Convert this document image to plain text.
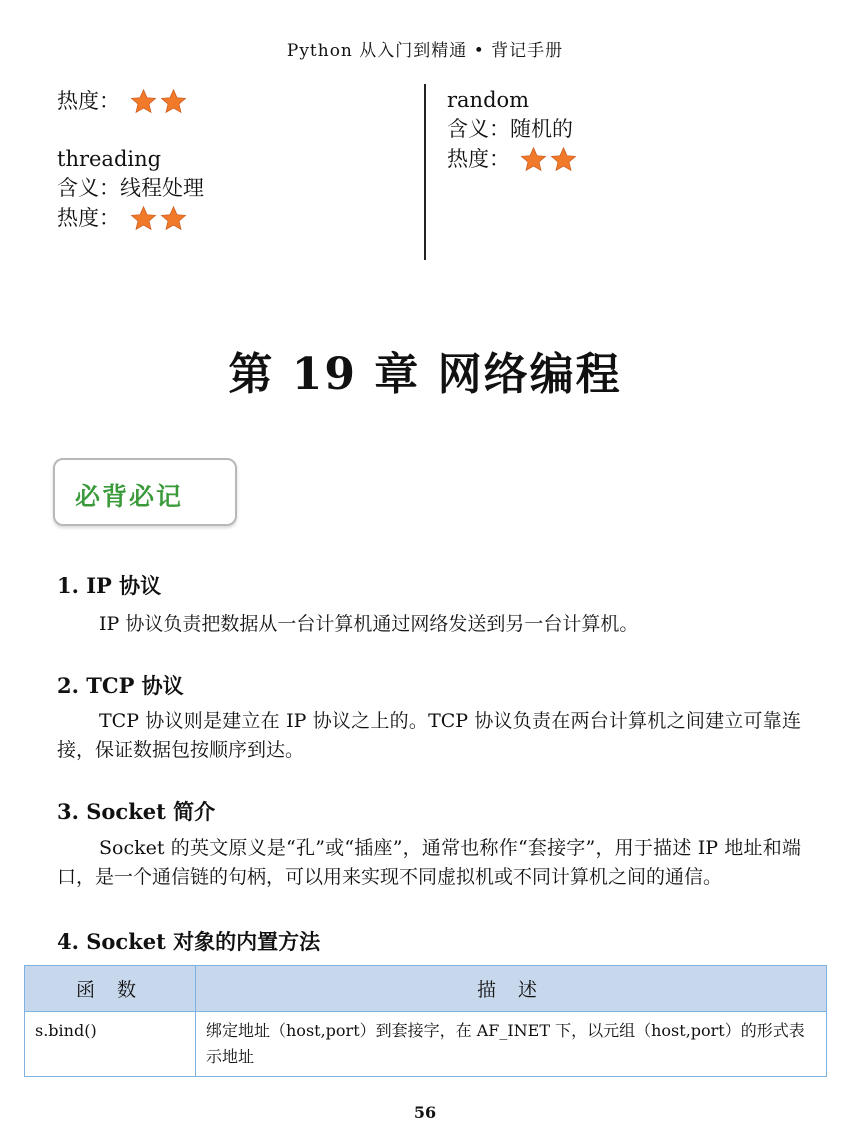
Python 从入门到精通 • 背记手册
热度：
threading
含义：线程处理
热度：
random
含义：随机的
热度：
第 19 章 网络编程
必背必记
1. IP 协议
IP 协议负责把数据从一台计算机通过网络发送到另一台计算机。
2. TCP 协议
TCP 协议则是建立在 IP 协议之上的。TCP 协议负责在两台计算机之间建立可靠连接，保证数据包按顺序到达。
3. Socket 简介
Socket 的英文原义是“孔”或“插座”，通常也称作“套接字”，用于描述 IP 地址和端口，是一个通信链的句柄，可以用来实现不同虚拟机或不同计算机之间的通信。
4. Socket 对象的内置方法
函 数	描 述
s.bind()	绑定地址（host,port）到套接字，在 AF_INET 下，以元组（host,port）的形式表示地址
56
